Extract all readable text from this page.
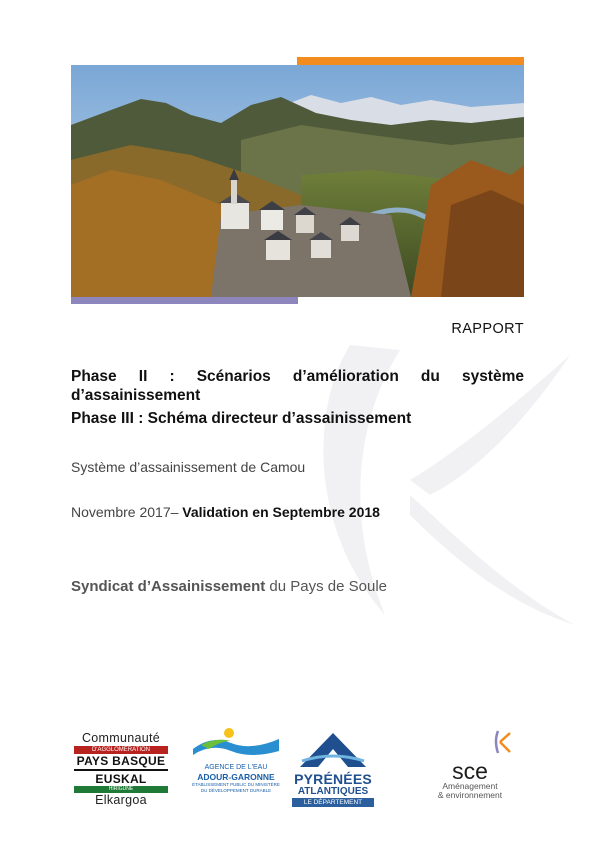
RAPPORT
Phase II : Scénarios d’amélioration du système d’assainissement
Phase III : Schéma directeur d’assainissement
Système d’assainissement de Camou
Novembre 2017– Validation en Septembre 2018
Syndicat d’Assainissement du Pays de Soule
Communauté
D'AGGLOMÉRATION
PAYS BASQUE
EUSKAL
HIRIGUNE
Elkargoa
AGENCE DE L'EAU
ADOUR-GARONNE
ÉTABLISSEMENT PUBLIC DU MINISTÈRE DU DÉVELOPPEMENT DURABLE
PYRÉNÉES
ATLANTIQUES
LE DÉPARTEMENT
sce
Aménagement
& environnement
